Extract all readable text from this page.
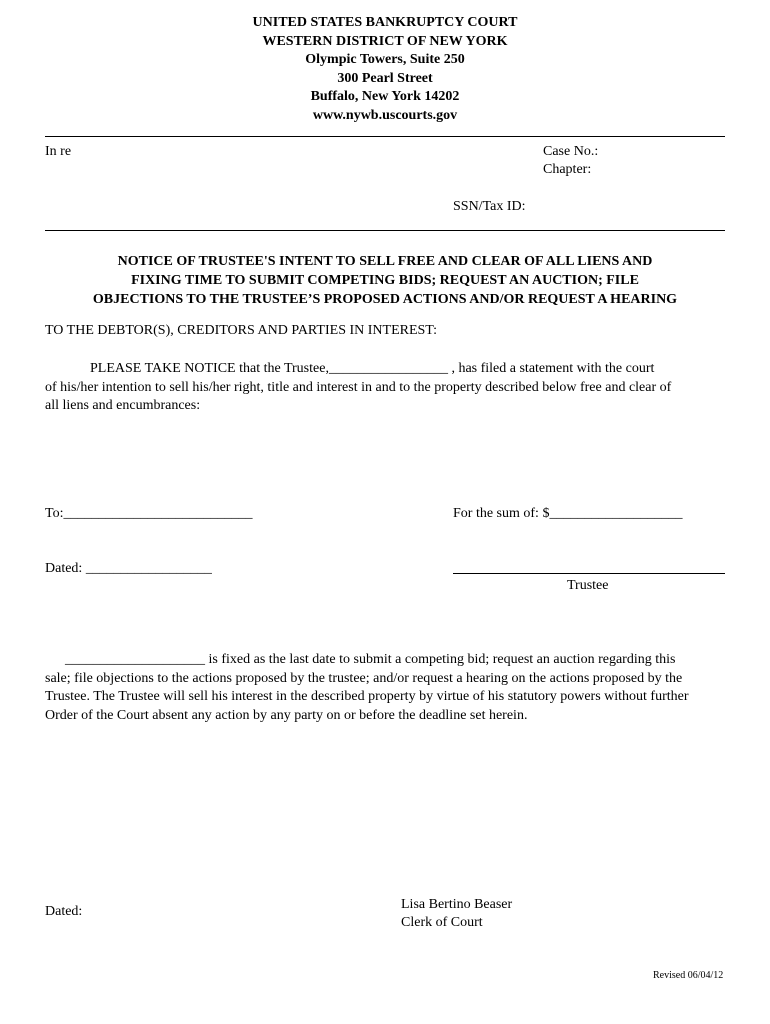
UNITED STATES BANKRUPTCY COURT
WESTERN DISTRICT OF NEW YORK
Olympic Towers, Suite 250
300 Pearl Street
Buffalo, New York 14202
www.nywb.uscourts.gov
In re	Case No.:
Chapter:
SSN/Tax ID:
NOTICE OF TRUSTEE'S INTENT TO SELL FREE AND CLEAR OF ALL LIENS AND
FIXING TIME TO SUBMIT COMPETING BIDS; REQUEST AN AUCTION; FILE
OBJECTIONS TO THE TRUSTEE’S PROPOSED ACTIONS AND/OR REQUEST A HEARING
TO THE DEBTOR(S), CREDITORS AND PARTIES IN INTEREST:
PLEASE TAKE NOTICE that the Trustee,_________________ , has filed a statement with the court
of his/her intention to sell his/her right, title and interest in and to the property described below free and clear of
all liens and encumbrances:
To:___________________________	For the sum of: $___________________
Dated: __________________
Trustee
____________________ is fixed as the last date to submit a competing bid; request an auction regarding this
sale; file objections to the actions proposed by the trustee; and/or request a hearing on the actions proposed by the
Trustee. The Trustee will sell his interest in the described property by virtue of his statutory powers without further
Order of the Court absent any action by any party on or before the deadline set herein.
Dated:	Lisa Bertino Beaser
Clerk of Court
Revised 06/04/12
